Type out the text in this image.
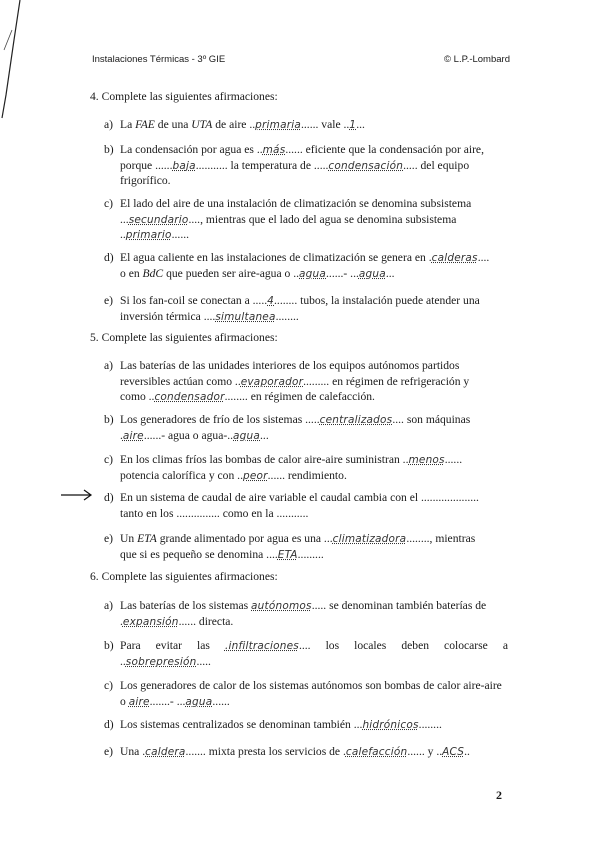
Instalaciones Térmicas - 3º GIE	© L.P.-Lombard
4. Complete las siguientes afirmaciones:
a) La FAE de una UTA de aire ..primaria...... vale ..1...
b) La condensación por agua es ..más...... eficiente que la condensación por aire,
porque ......baja........... la temperatura de .....condensación..... del equipo
frigorífico.
c) El lado del aire de una instalación de climatización se denomina subsistema
...secundario...., mientras que el lado del agua se denomina subsistema
..primario......
d) El agua caliente en las instalaciones de climatización se genera en .calderas....
o en BdC que pueden ser aire-agua o ..agua......- ...agua...
e) Si los fan-coil se conectan a .....4........ tubos, la instalación puede atender una
inversión térmica ....simultanea........
5. Complete las siguientes afirmaciones:
a) Las baterías de las unidades interiores de los equipos autónomos partidos
reversibles actúan como ..evaporador......... en régimen de refrigeración y
como ..condensador........ en régimen de calefacción.
b) Los generadores de frío de los sistemas .....centralizados.... son máquinas
.aire......- agua o agua-..agua...
c) En los climas fríos las bombas de calor aire-aire suministran ..menos......
potencia calorífica y con ..peor...... rendimiento.
d) En un sistema de caudal de aire variable el caudal cambia con el ....................
tanto en los ............... como en la ...........
e) Un ETA grande alimentado por agua es una ...climatizadora........, mientras
que si es pequeño se denomina ....ETA.........
6. Complete las siguientes afirmaciones:
a) Las baterías de los sistemas autónomos..... se denominan también baterías de
.expansión...... directa.
b) Para evitar las .infiltraciones.... los locales deben colocarse a
..sobrepresión.....
c) Los generadores de calor de los sistemas autónomos son bombas de calor aire-aire
o aire.......- ...agua......
d) Los sistemas centralizados se denominan también ...hidrónicos........
e) Una .caldera....... mixta presta los servicios de .calefacción...... y ..ACS..
2
